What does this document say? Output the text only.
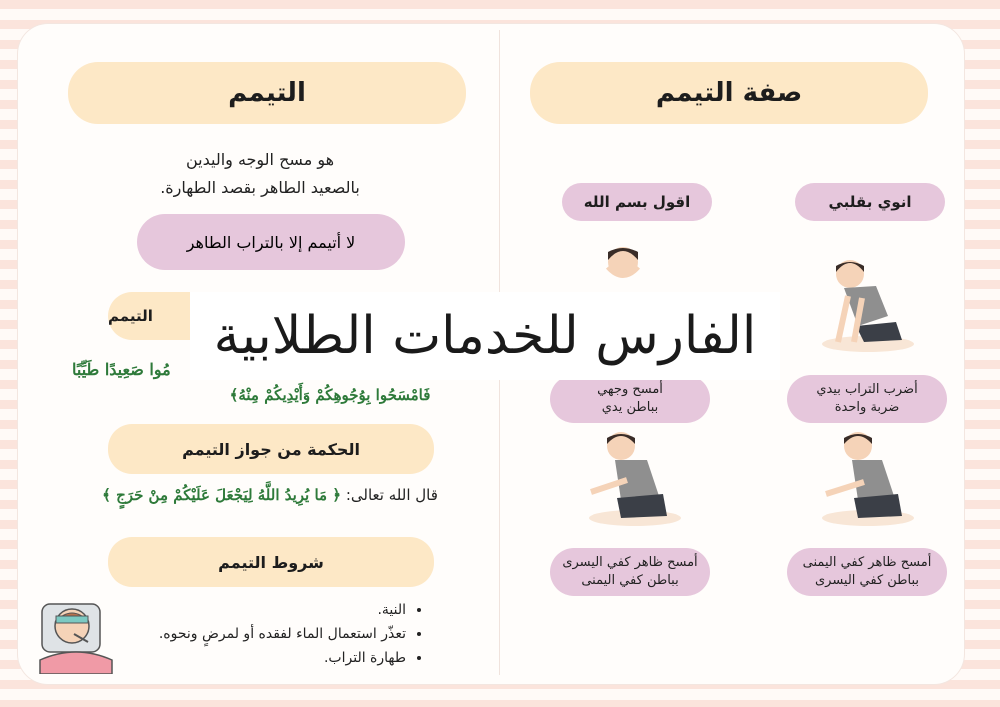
التيمم
هو مسح الوجه واليدين
بالصعيد الطاهر بقصد الطهارة.
لا أتيمم إلا بالتراب الطاهر
التيمم
مُوا صَعِيدًا طَيِّبًا
فَامْسَحُوا بِوُجُوهِكُمْ وَأَيْدِيكُمْ مِنْهُ﴾
الحكمة من جواز التيمم
قال الله تعالى: ﴿ مَا يُرِيدُ اللَّهُ لِيَجْعَلَ عَلَيْكُمْ مِنْ حَرَجٍ ﴾
شروط التيمم
• النية.
• تعذّر استعمال الماء لفقده أو لمرضٍ ونحوه.
• طهارة التراب.
صفة التيمم
انوي بقلبي
اقول بسم الله
أضرب التراب بيدي
ضربة واحدة
أمسح وجهي
بباطن يدي
أمسح ظاهر كفي اليمنى
بباطن كفي اليسرى
أمسح ظاهر كفي اليسرى
بباطن كفي اليمنى
الفارس للخدمات الطلابية
